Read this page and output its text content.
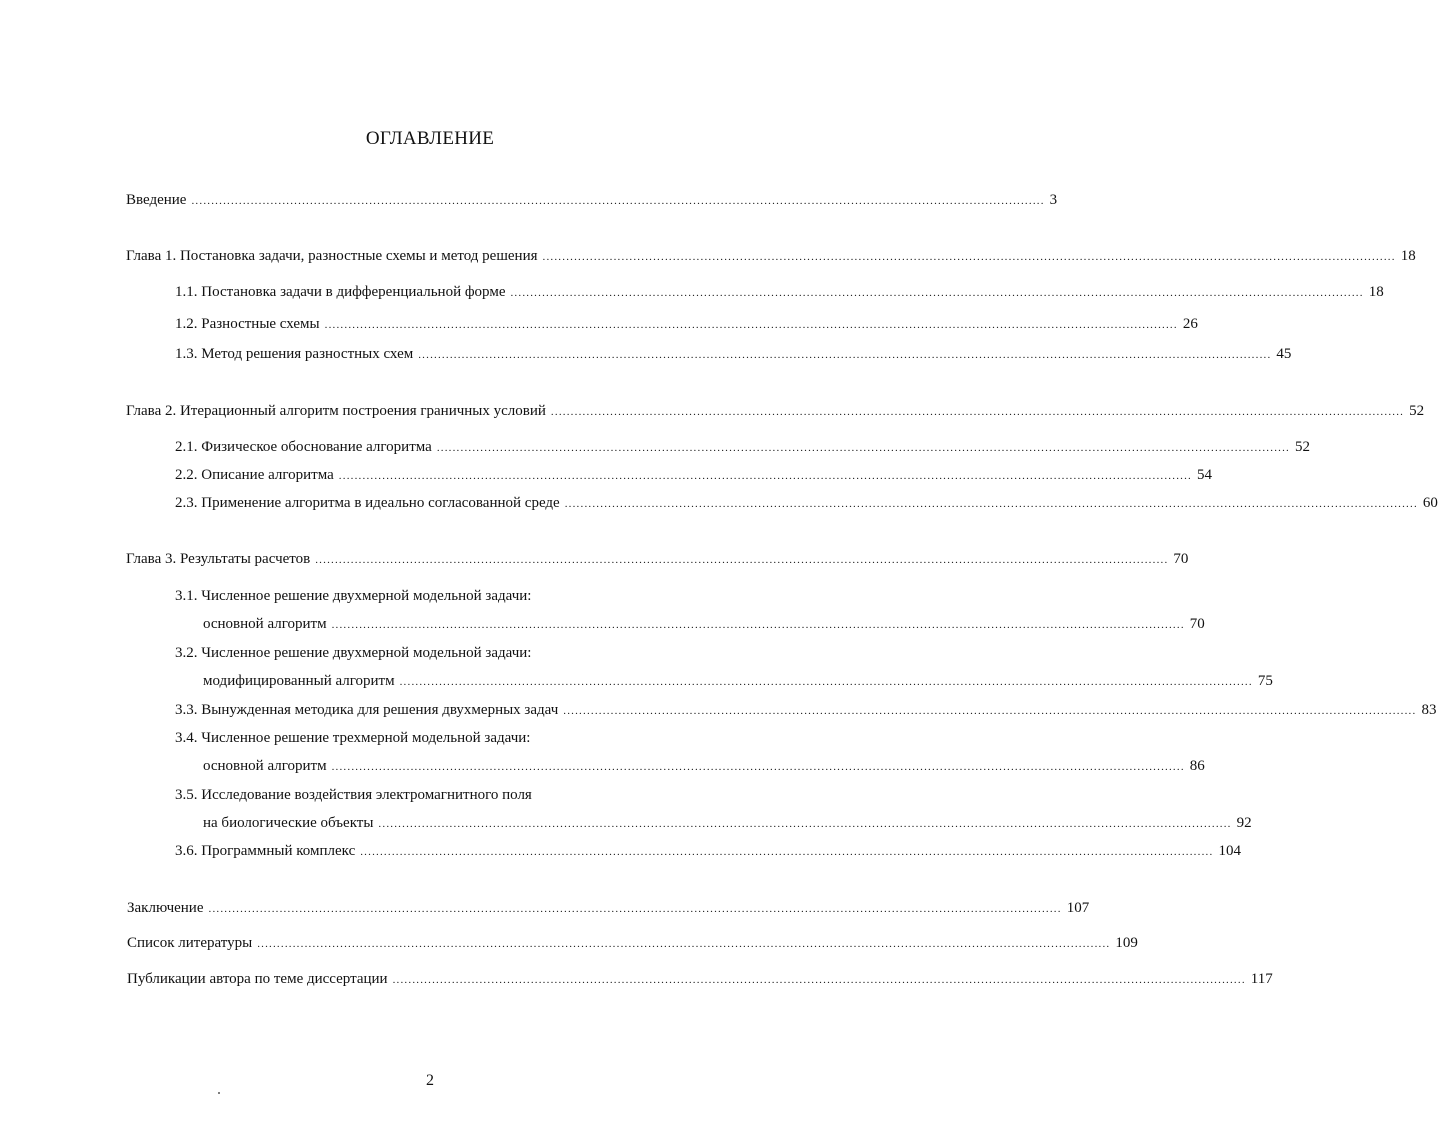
ОГЛАВЛЕНИЕ
Введение ........................................................................................................................................................................................................................ 3
Глава 1. Постановка задачи, разностные схемы и метод решения ........................................................................................................................................................................................................................ 18
1.1. Постановка задачи в дифференциальной форме ........................................................................................................................................................................................................................ 18
1.2. Разностные схемы ........................................................................................................................................................................................................................ 26
1.3. Метод решения разностных схем ........................................................................................................................................................................................................................ 45
Глава 2. Итерационный алгоритм построения граничных условий ........................................................................................................................................................................................................................ 52
2.1. Физическое обоснование алгоритма ........................................................................................................................................................................................................................ 52
2.2. Описание алгоритма ........................................................................................................................................................................................................................ 54
2.3. Применение алгоритма в идеально согласованной среде ........................................................................................................................................................................................................................ 60
Глава 3. Результаты расчетов ........................................................................................................................................................................................................................ 70
3.1. Численное решение двухмерной модельной задачи:
основной алгоритм ........................................................................................................................................................................................................................ 70
3.2. Численное решение двухмерной модельной задачи:
модифицированный алгоритм ........................................................................................................................................................................................................................ 75
3.3. Вынужденная методика для решения двухмерных задач ........................................................................................................................................................................................................................ 83
3.4. Численное решение трехмерной модельной задачи:
основной алгоритм ........................................................................................................................................................................................................................ 86
3.5. Исследование воздействия электромагнитного поля
на биологические объекты ........................................................................................................................................................................................................................ 92
3.6. Программный комплекс ........................................................................................................................................................................................................................ 104
Заключение ........................................................................................................................................................................................................................ 107
Список литературы ........................................................................................................................................................................................................................ 109
Публикации автора по теме диссертации ........................................................................................................................................................................................................................ 117
2
